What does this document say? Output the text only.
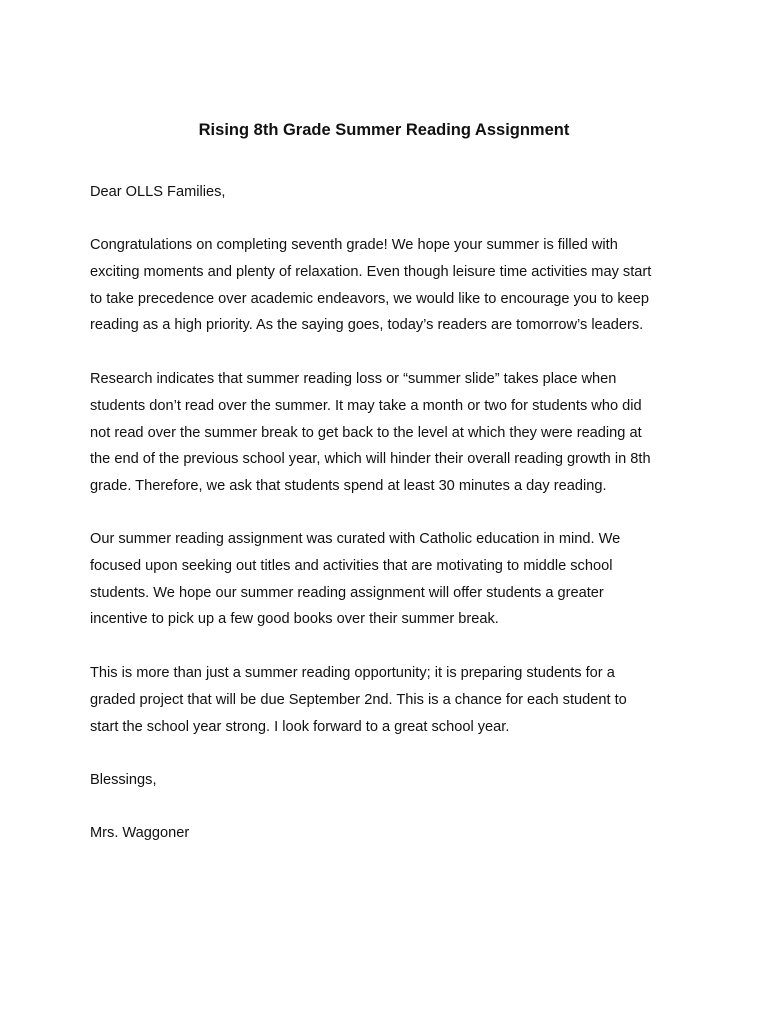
Rising 8th Grade Summer Reading Assignment

Dear OLLS Families,

Congratulations on completing seventh grade! We hope your summer is filled with
exciting moments and plenty of relaxation. Even though leisure time activities may start
to take precedence over academic endeavors, we would like to encourage you to keep
reading as a high priority. As the saying goes, today’s readers are tomorrow’s leaders.
Research indicates that summer reading loss or “summer slide” takes place when
students don’t read over the summer. It may take a month or two for students who did
not read over the summer break to get back to the level at which they were reading at
the end of the previous school year, which will hinder their overall reading growth in 8th
grade. Therefore, we ask that students spend at least 30 minutes a day reading.
Our summer reading assignment was curated with Catholic education in mind. We
focused upon seeking out titles and activities that are motivating to middle school
students. We hope our summer reading assignment will offer students a greater
incentive to pick up a few good books over their summer break.
This is more than just a summer reading opportunity; it is preparing students for a
graded project that will be due September 2nd. This is a chance for each student to
start the school year strong. I look forward to a great school year.

Blessings,

Mrs. Waggoner
